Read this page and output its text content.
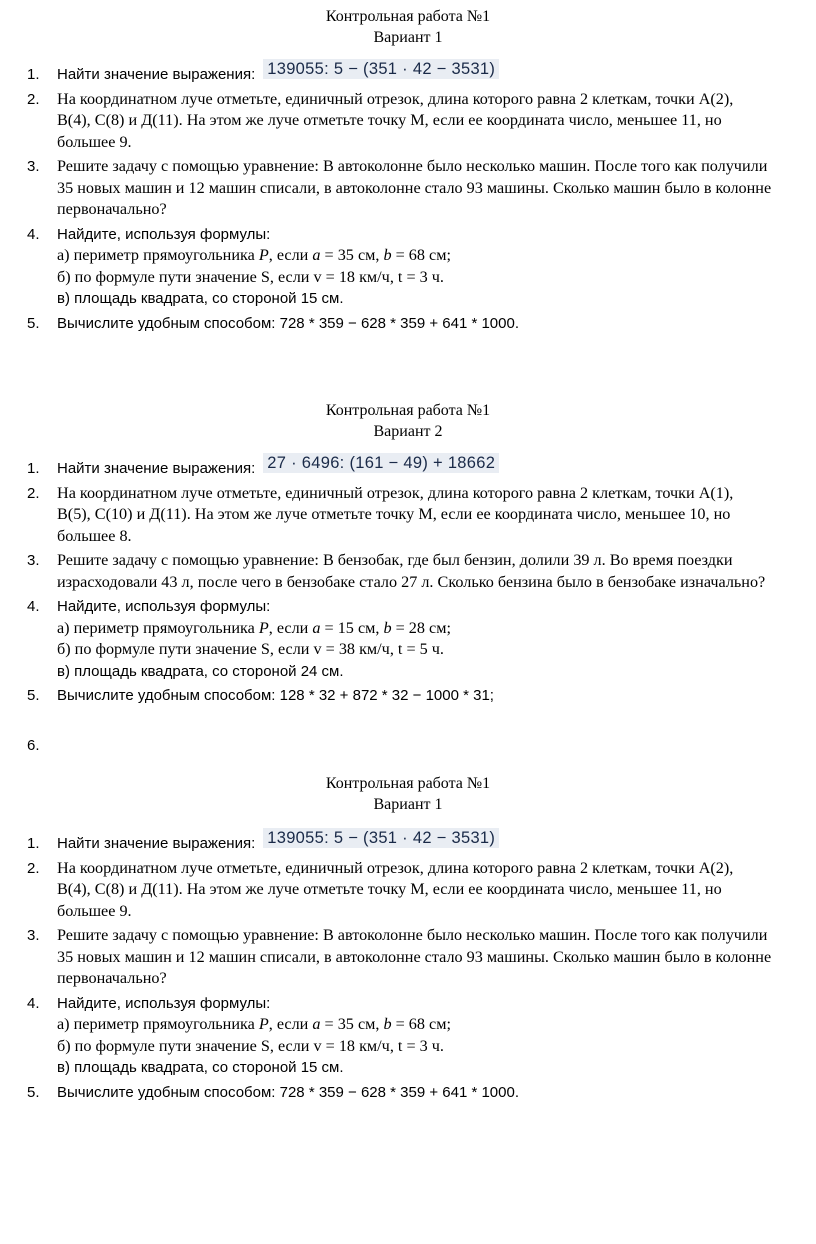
Контрольная работа №1
Вариант 1
1. Найти значение выражения: 139055: 5 − (351 · 42 − 3531)
2. На координатном луче отметьте, единичный отрезок, длина которого равна 2 клеткам, точки А(2),
В(4), С(8) и Д(11). На этом же луче отметьте точку М, если ее координата число, меньшее 11, но
большее 9.
3. Решите задачу с помощью уравнение: В автоколонне было несколько машин. После того как получили
35 новых машин и 12 машин списали, в автоколонне стало 93 машины. Сколько машин было в колонне
первоначально?
4. Найдите, используя формулы:
а) периметр прямоугольника P, если a = 35 см, b = 68 см;
б) по формуле пути значение S, если v = 18 км/ч, t = 3 ч.
в) площадь квадрата, со стороной 15 см.
5. Вычислите удобным способом: 728 * 359 − 628 * 359 + 641 * 1000.
Контрольная работа №1
Вариант 2
1. Найти значение выражения: 27 · 6496: (161 − 49) + 18662
2. На координатном луче отметьте, единичный отрезок, длина которого равна 2 клеткам, точки А(1),
В(5), С(10) и Д(11). На этом же луче отметьте точку М, если ее координата число, меньшее 10, но
большее 8.
3. Решите задачу с помощью уравнение: В бензобак, где был бензин, долили 39 л. Во время поездки
израсходовали 43 л, после чего в бензобаке стало 27 л. Сколько бензина было в бензобаке изначально?
4. Найдите, используя формулы:
а) периметр прямоугольника P, если a = 15 см, b = 28 см;
б) по формуле пути значение S, если v = 38 км/ч, t = 5 ч.
в) площадь квадрата, со стороной 24 см.
5. Вычислите удобным способом: 128 * 32 + 872 * 32 − 1000 * 31;
6.
Контрольная работа №1
Вариант 1
1. Найти значение выражения: 139055: 5 − (351 · 42 − 3531)
2. На координатном луче отметьте, единичный отрезок, длина которого равна 2 клеткам, точки А(2),
В(4), С(8) и Д(11). На этом же луче отметьте точку М, если ее координата число, меньшее 11, но
большее 9.
3. Решите задачу с помощью уравнение: В автоколонне было несколько машин. После того как получили
35 новых машин и 12 машин списали, в автоколонне стало 93 машины. Сколько машин было в колонне
первоначально?
4. Найдите, используя формулы:
а) периметр прямоугольника P, если a = 35 см, b = 68 см;
б) по формуле пути значение S, если v = 18 км/ч, t = 3 ч.
в) площадь квадрата, со стороной 15 см.
5. Вычислите удобным способом: 728 * 359 − 628 * 359 + 641 * 1000.
